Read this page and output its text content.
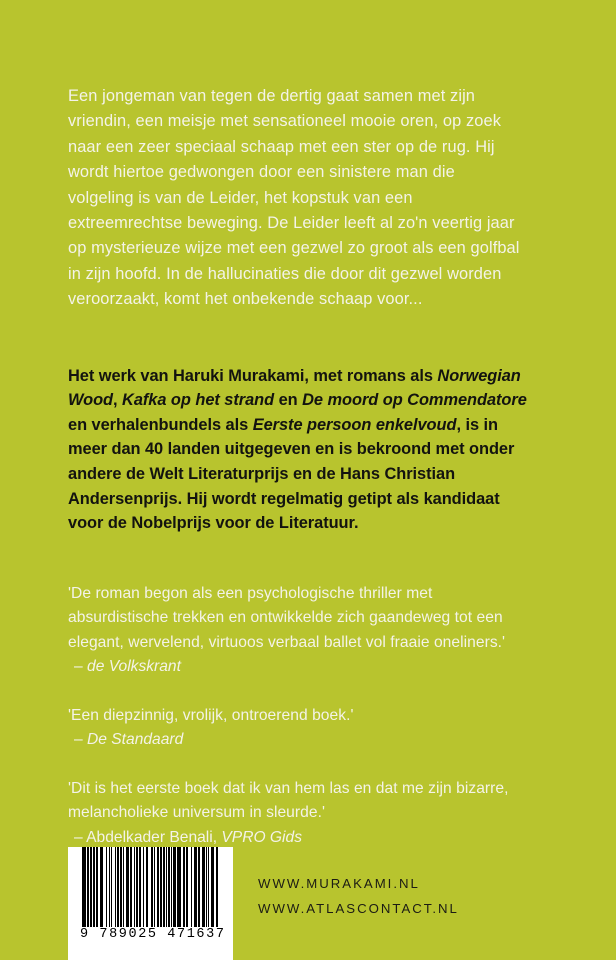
Een jongeman van tegen de dertig gaat samen met zijn vriendin, een meisje met sensationeel mooie oren, op zoek naar een zeer speciaal schaap met een ster op de rug. Hij wordt hiertoe gedwongen door een sinistere man die volgeling is van de Leider, het kopstuk van een extreemrechtse beweging. De Leider leeft al zo'n veertig jaar op mysterieuze wijze met een gezwel zo groot als een golfbal in zijn hoofd. In de hallucinaties die door dit gezwel worden veroorzaakt, komt het onbekende schaap voor...

Het werk van Haruki Murakami, met romans als Norwegian Wood, Kafka op het strand en De moord op Commendatore en verhalenbundels als Eerste persoon enkelvoud, is in meer dan 40 landen uitgegeven en is bekroond met onder andere de Welt Literaturprijs en de Hans Christian Andersenprijs. Hij wordt regelmatig getipt als kandidaat voor de Nobelprijs voor de Literatuur.

'De roman begon als een psychologische thriller met absurdistische trekken en ontwikkelde zich gaandeweg tot een elegant, wervelend, virtuoos verbaal ballet vol fraaie oneliners.'

– de Volkskrant

'Een diepzinnig, vrolijk, ontroerend boek.'

– De Standaard

'Dit is het eerste boek dat ik van hem las en dat me zijn bizarre, melancholieke universum in sleurde.'

– Abdelkader Benali, VPRO Gids

9 789025 471637
WWW.MURAKAMI.NL
WWW.ATLASCONTACT.NL
